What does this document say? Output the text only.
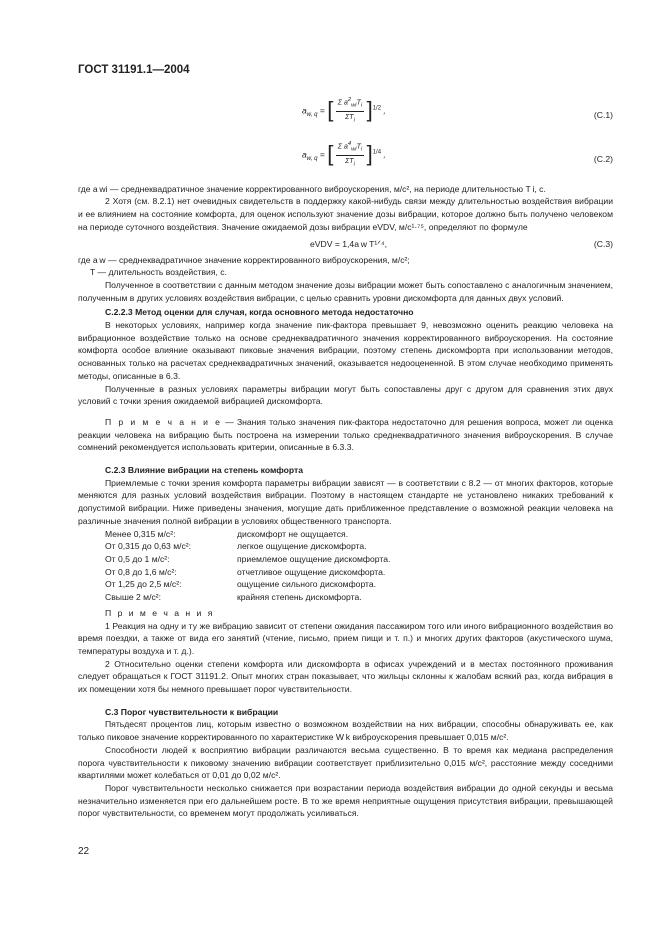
ГОСТ 31191.1—2004
$a_{w, q}$ = [ $\frac{\Sigma a^2_{wi}T_i}{\Sigma T_i} ]^{1/2}$ ,	(C.1)
$a_{w, q}$ = [ $\frac{\Sigma a^4_{wi}T_i}{\Sigma T_i} ]^{1/4}$ ,	(C.2)

где a wi — среднеквадратичное значение корректированного виброускорения, м/с², на периоде длительностью T i, с.

2 Хотя (см. 8.2.1) нет очевидных свидетельств в поддержку какой-нибудь связи между длительностью воздействия вибрации и ее влиянием на состояние комфорта, для оценок используют значение дозы вибрации, которое должно быть получено человеком на периоде суточного воздействия. Значение ожидаемой дозы вибрации eVDV, м/с¹·⁷⁵, определяют по формуле

eVDV = 1,4a w T¹ᐟ⁴,	(C.3)

где a w — среднеквадратичное значение корректированного виброускорения, м/с²;

T — длительность воздействия, с.

Полученное в соответствии с данным методом значение дозы вибрации может быть сопоставлено с аналогичным значением, полученным в других условиях воздействия вибрации, с целью сравнить уровни дискомфорта для данных двух условий.

С.2.2.3 Метод оценки для случая, когда основного метода недостаточно

В некоторых условиях, например когда значение пик-фактора превышает 9, невозможно оценить реакцию человека на вибрационное воздействие только на основе среднеквадратичного значения корректированного виброускорения. На состояние комфорта особое влияние оказывают пиковые значения вибрации, поэтому степень дискомфорта при использовании методов, основанных только на расчетах среднеквадратичных значений, оказывается недооцененной. В этом случае необходимо применять методы, описанные в 6.3.

Полученные в разных условиях параметры вибрации могут быть сопоставлены друг с другом для сравнения этих двух условий с точки зрения ожидаемой вибрацией дискомфорта.

П р и м е ч а н и е — Знания только значения пик-фактора недостаточно для решения вопроса, может ли оценка реакции человека на вибрацию быть построена на измерении только среднеквадратичного значения виброускорения. В случае сомнений рекомендуется использовать критерии, описанные в 6.3.3.

С.2.3 Влияние вибрации на степень комфорта

Приемлемые с точки зрения комфорта параметры вибрации зависят — в соответствии с 8.2 — от многих факторов, которые меняются для разных условий воздействия вибрации. Поэтому в настоящем стандарте не установлено никаких требований к допустимой вибрации. Ниже приведены значения, могущие дать приближенное представление о возможной реакции человека на различные значения полной вибрации в условиях общественного транспорта.

Менее 0,315 м/с²:	дискомфорт не ощущается.
От 0,315 до 0,63 м/с²:	легкое ощущение дискомфорта.
От 0,5 до 1 м/с²:	приемлемое ощущение дискомфорта.
От 0,8 до 1,6 м/с²:	отчетливое ощущение дискомфорта.
От 1,25 до 2,5 м/с²:	ощущение сильного дискомфорта.
Свыше 2 м/с²:	крайняя степень дискомфорта.

П р и м е ч а н и я

1 Реакция на одну и ту же вибрацию зависит от степени ожидания пассажиром того или иного вибрационного воздействия во время поездки, а также от вида его занятий (чтение, письмо, прием пищи и т. п.) и многих других факторов (акустического шума, температуры воздуха и т. д.).

2 Относительно оценки степени комфорта или дискомфорта в офисах учреждений и в местах постоянного проживания следует обращаться к ГОСТ 31191.2. Опыт многих стран показывает, что жильцы склонны к жалобам всякий раз, когда вибрация в их помещении хотя бы немного превышает порог чувствительности.

С.3 Порог чувствительности к вибрации

Пятьдесят процентов лиц, которым известно о возможном воздействии на них вибрации, способны обнаруживать ее, как только пиковое значение корректированного по характеристике W k виброускорения превышает 0,015 м/с².

Способности людей к восприятию вибрации различаются весьма существенно. В то время как медиана распределения порога чувствительности к пиковому значению вибрации соответствует приблизительно 0,015 м/с², расстояние между соседними квартилями может колебаться от 0,01 до 0,02 м/с².

Порог чувствительности несколько снижается при возрастании периода воздействия вибрации до одной секунды и весьма незначительно изменяется при его дальнейшем росте. В то же время неприятные ощущения присутствия вибрации, превышающей порог чувствительности, со временем могут продолжать усиливаться.

22
